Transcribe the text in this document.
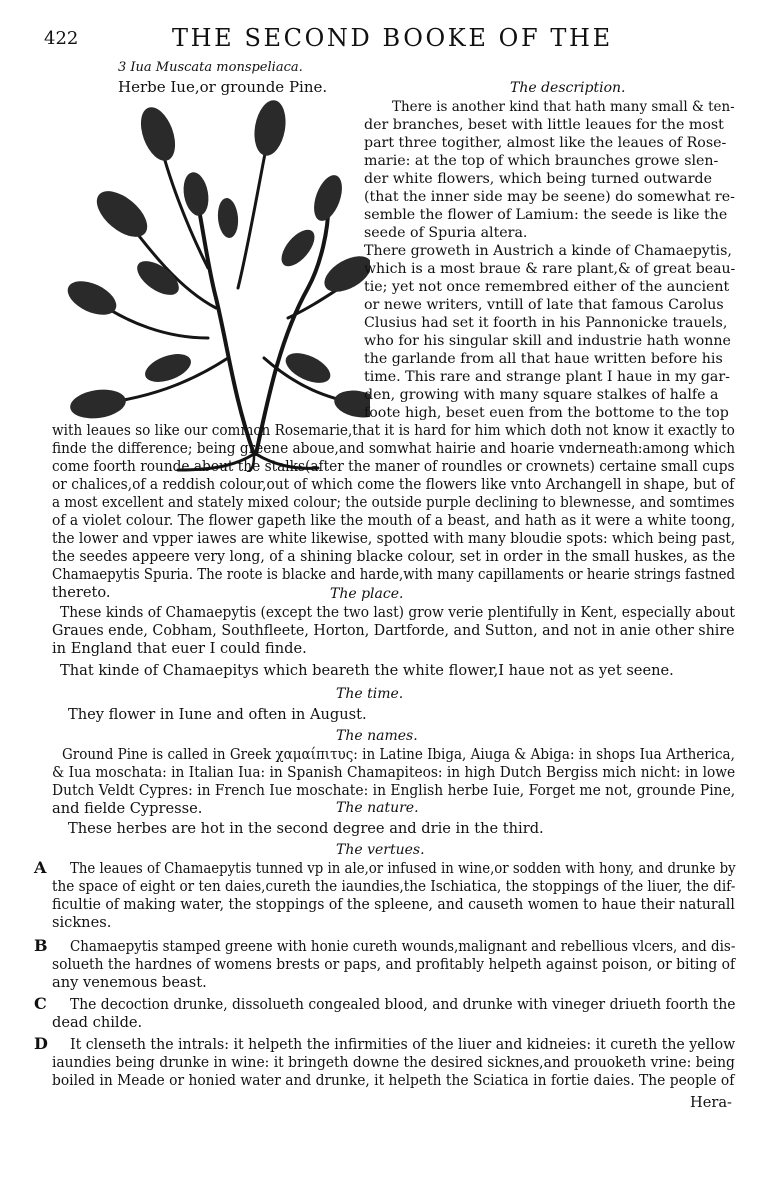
422	THE SECOND BOOKE OF THE
3 Iua Muscata monspeliaca.
Herbe Iue,or grounde Pine.	The description.
There is another kind that hath many small & ten-
der branches, beset with little leaues for the most
part three togither, almost like the leaues of Rose-
marie: at the top of which braunches growe slen-
der white flowers, which being turned outwarde
(that the inner side may be seene) do somewhat re-
semble the flower of Lamium: the seede is like the
seede of Spuria altera.
There groweth in Austrich a kinde of Chamaepytis,
which is a most braue & rare plant,& of great beau-
tie; yet not once remembred either of the auncient
or newe writers, vntill of late that famous Carolus
Clusius had set it foorth in his Pannonicke trauels,
who for his singular skill and industrie hath wonne
the garlande from all that haue written before his
time. This rare and strange plant I haue in my gar-
den, growing with many square stalkes of halfe a
foote high, beset euen from the bottome to the top
with leaues so like our common Rosemarie,that it is hard for him which doth not know it exactly to
finde the difference; being greene aboue,and somwhat hairie and hoarie vnderneath:among which
come foorth rounde about the stalks(after the maner of roundles or crownets) certaine small cups
or chalices,of a reddish colour,out of which come the flowers like vnto Archangell in shape, but of
a most excellent and stately mixed colour; the outside purple declining to blewnesse, and somtimes
of a violet colour. The flower gapeth like the mouth of a beast, and hath as it were a white toong,
the lower and vpper iawes are white likewise, spotted with many bloudie spots: which being past,
the seedes appeere very long, of a shining blacke colour, set in order in the small huskes, as the
Chamaepytis Spuria. The roote is blacke and harde,with many capillaments or hearie strings fastned
thereto.	The place.
These kinds of Chamaepytis (except the two last) grow verie plentifully in Kent, especially about
Graues ende, Cobham, Southfleete, Horton, Dartforde, and Sutton, and not in anie other shire
in England that euer I could finde.
That kinde of Chamaepitys which beareth the white flower,I haue not as yet seene.
The time.
They flower in Iune and often in August.
The names.
Ground Pine is called in Greek χαμαίπιτυς: in Latine Ibiga, Aiuga & Abiga: in shops Iua Artherica,
& Iua moschata: in Italian Iua: in Spanish Chamapiteos: in high Dutch Bergiss mich nicht: in lowe
Dutch Veldt Cypres: in French Iue moschate: in English herbe Iuie, Forget me not, grounde Pine,
and fielde Cypresse.	The nature.
These herbes are hot in the second degree and drie in the third.
The vertues.
A The leaues of Chamaepytis tunned vp in ale,or infused in wine,or sodden with hony, and drunke by
the space of eight or ten daies,cureth the iaundies,the Ischiatica, the stoppings of the liuer, the dif-
ficultie of making water, the stoppings of the spleene, and causeth women to haue their naturall
sicknes.
B Chamaepytis stamped greene with honie cureth wounds,malignant and rebellious vlcers, and dis-
solueth the hardnes of womens brests or paps, and profitably helpeth against poison, or biting of
any venemous beast.
C The decoction drunke, dissolueth congealed blood, and drunke with vineger driueth foorth the
dead childe.
D It clenseth the intrals: it helpeth the infirmities of the liuer and kidneies: it cureth the yellow
iaundies being drunke in wine: it bringeth downe the desired sicknes,and prouoketh vrine: being
boiled in Meade or honied water and drunke, it helpeth the Sciatica in fortie daies. The people of
Hera-
